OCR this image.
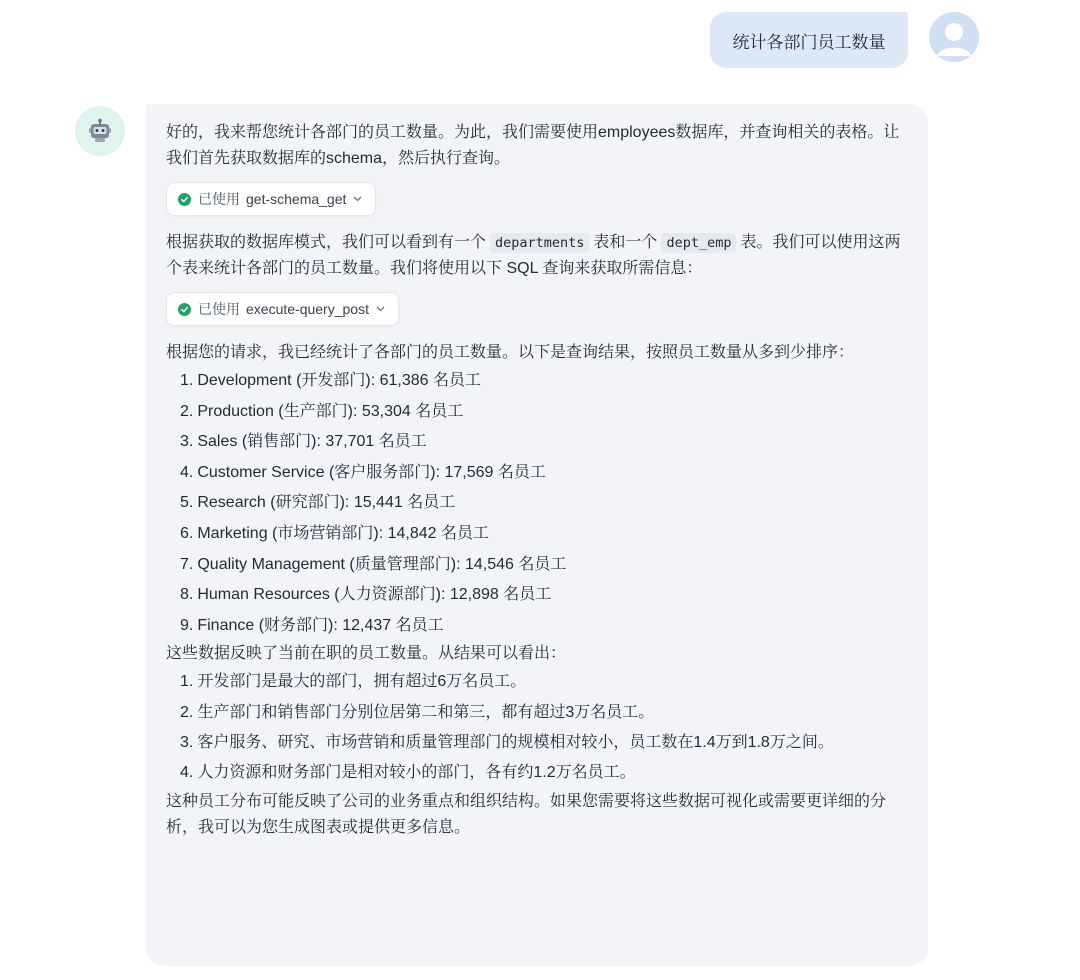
统计各部门员工数量

好的，我来帮您统计各部门的员工数量。为此，我们需要使用employees数据库，并查询相关的表格。让我们首先获取数据库的schema，然后执行查询。

已使用 get-schema_get

根据获取的数据库模式，我们可以看到有一个 departments 表和一个 dept_emp 表。我们可以使用这两个表来统计各部门的员工数量。我们将使用以下 SQL 查询来获取所需信息：

已使用 execute-query_post

根据您的请求，我已经统计了各部门的员工数量。以下是查询结果，按照员工数量从多到少排序：

1. Development (开发部门): 61,386 名员工
2. Production (生产部门): 53,304 名员工
3. Sales (销售部门): 37,701 名员工
4. Customer Service (客户服务部门): 17,569 名员工
5. Research (研究部门): 15,441 名员工
6. Marketing (市场营销部门): 14,842 名员工
7. Quality Management (质量管理部门): 14,546 名员工
8. Human Resources (人力资源部门): 12,898 名员工
9. Finance (财务部门): 12,437 名员工

这些数据反映了当前在职的员工数量。从结果可以看出：

1. 开发部门是最大的部门，拥有超过6万名员工。
2. 生产部门和销售部门分别位居第二和第三，都有超过3万名员工。
3. 客户服务、研究、市场营销和质量管理部门的规模相对较小，员工数在1.4万到1.8万之间。
4. 人力资源和财务部门是相对较小的部门，各有约1.2万名员工。

这种员工分布可能反映了公司的业务重点和组织结构。如果您需要将这些数据可视化或需要更详细的分析，我可以为您生成图表或提供更多信息。
